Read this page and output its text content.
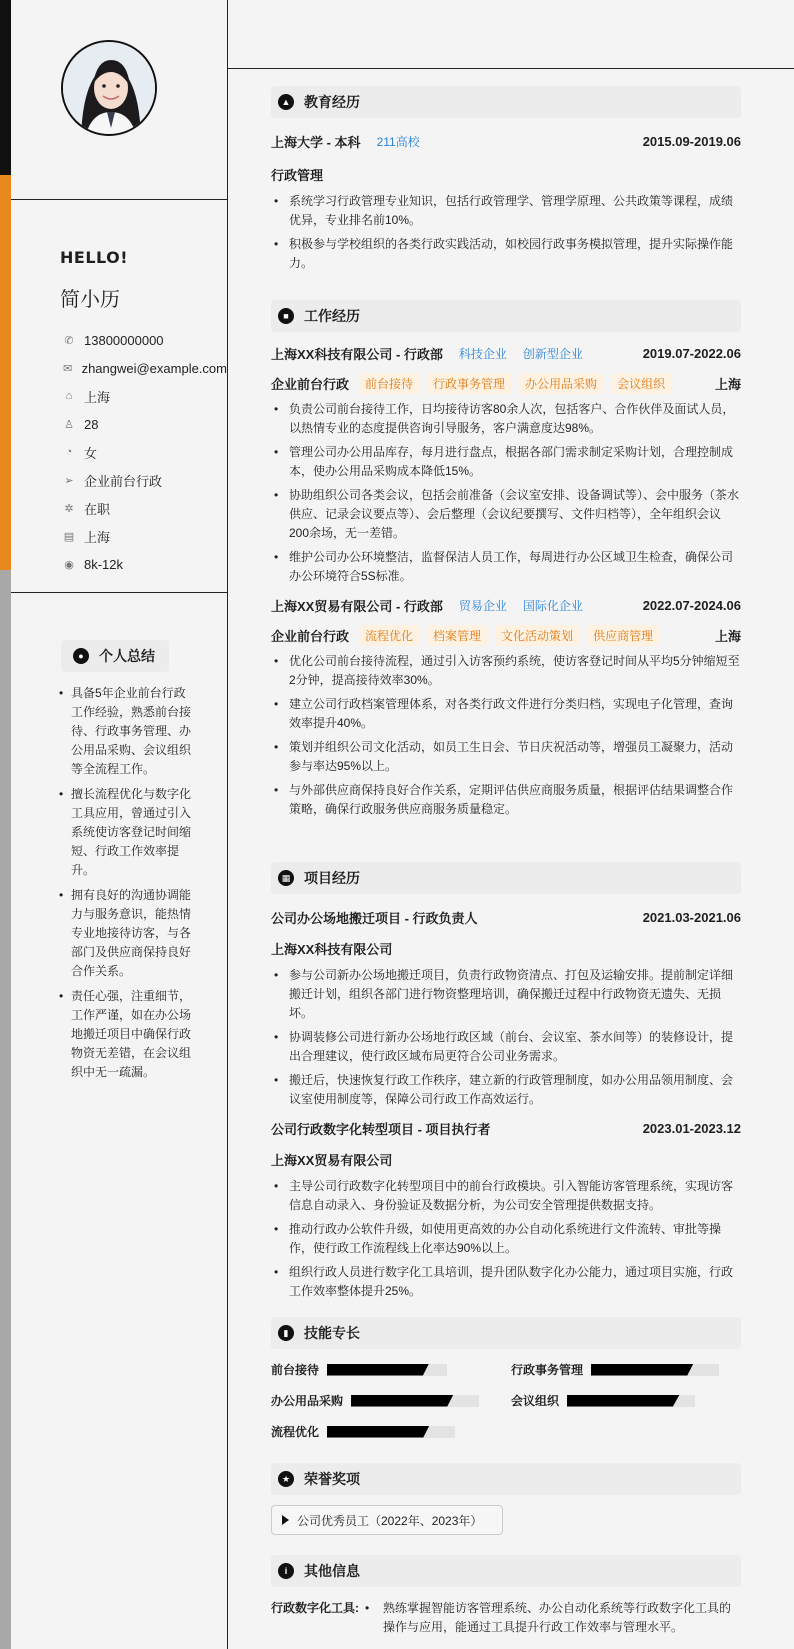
HELLO!
简小历
✆ 13800000000
✉ zhangwei@example.com
⌂ 上海
♙ 28
◔ 女
➢ 企业前台行政
✲ 在职
▤ 上海
◉ 8k-12k
●	个人总结
• 具备5年企业前台行政工作经验，熟悉前台接待、行政事务管理、办公用品采购、会议组织等全流程工作。
• 擅长流程优化与数字化工具应用，曾通过引入系统使访客登记时间缩短、行政工作效率提升。
• 拥有良好的沟通协调能力与服务意识，能热情专业地接待访客，与各部门及供应商保持良好合作关系。
• 责任心强，注重细节，工作严谨，如在办公场地搬迁项目中确保行政物资无差错，在会议组织中无一疏漏。
▲ 教育经历
上海大学 - 本科 211高校	2015.09-2019.06
行政管理
• 系统学习行政管理专业知识，包括行政管理学、管理学原理、公共政策等课程，成绩优异，专业排名前10%。
• 积极参与学校组织的各类行政实践活动，如校园行政事务模拟管理，提升实际操作能力。
■	工作经历
上海XX科技有限公司 - 行政部 科技企业 创新型企业	2019.07-2022.06
企业前台行政	前台接待	行政事务管理	办公用品采购	会议组织	上海
• 负责公司前台接待工作，日均接待访客80余人次，包括客户、合作伙伴及面试人员，以热情专业的态度提供咨询引导服务，客户满意度达98%。
• 管理公司办公用品库存，每月进行盘点，根据各部门需求制定采购计划，合理控制成本，使办公用品采购成本降低15%。
• 协助组织公司各类会议，包括会前准备（会议室安排、设备调试等）、会中服务（茶水供应、记录会议要点等）、会后整理（会议纪要撰写、文件归档等），全年组织会议200余场，无一差错。
• 维护公司办公环境整洁，监督保洁人员工作，每周进行办公区域卫生检查，确保公司办公环境符合5S标准。
上海XX贸易有限公司 - 行政部 贸易企业 国际化企业	2022.07-2024.06
企业前台行政	流程优化	档案管理	文化活动策划	供应商管理	上海
• 优化公司前台接待流程，通过引入访客预约系统，使访客登记时间从平均5分钟缩短至2分钟，提高接待效率30%。
• 建立公司行政档案管理体系，对各类行政文件进行分类归档，实现电子化管理，查询效率提升40%。
• 策划并组织公司文化活动，如员工生日会、节日庆祝活动等，增强员工凝聚力，活动参与率达95%以上。
• 与外部供应商保持良好合作关系，定期评估供应商服务质量，根据评估结果调整合作策略，确保行政服务供应商服务质量稳定。
▦ 项目经历
公司办公场地搬迁项目 - 行政负责人	2021.03-2021.06
上海XX科技有限公司
• 参与公司新办公场地搬迁项目，负责行政物资清点、打包及运输安排。提前制定详细搬迁计划，组织各部门进行物资整理培训，确保搬迁过程中行政物资无遗失、无损坏。
• 协调装修公司进行新办公场地行政区域（前台、会议室、茶水间等）的装修设计，提出合理建议，使行政区域布局更符合公司业务需求。
• 搬迁后，快速恢复行政工作秩序，建立新的行政管理制度，如办公用品领用制度、会议室使用制度等，保障公司行政工作高效运行。
公司行政数字化转型项目 - 项目执行者	2023.01-2023.12
上海XX贸易有限公司
• 主导公司行政数字化转型项目中的前台行政模块。引入智能访客管理系统，实现访客信息自动录入、身份验证及数据分析，为公司安全管理提供数据支持。
• 推动行政办公软件升级，如使用更高效的办公自动化系统进行文件流转、审批等操作，使行政工作流程线上化率达90%以上。
• 组织行政人员进行数字化工具培训，提升团队数字化办公能力，通过项目实施，行政工作效率整体提升25%。
▮	技能专长
前台接待	行政事务管理
办公用品采购	会议组织
流程优化
★ 荣誉奖项
公司优秀员工（2022年、2023年）
i	其他信息
行政数字化工具:
•	熟练掌握智能访客管理系统、办公自动化系统等行政数字化工具的操作与应用，能通过工具提升行政工作效率与管理水平。
